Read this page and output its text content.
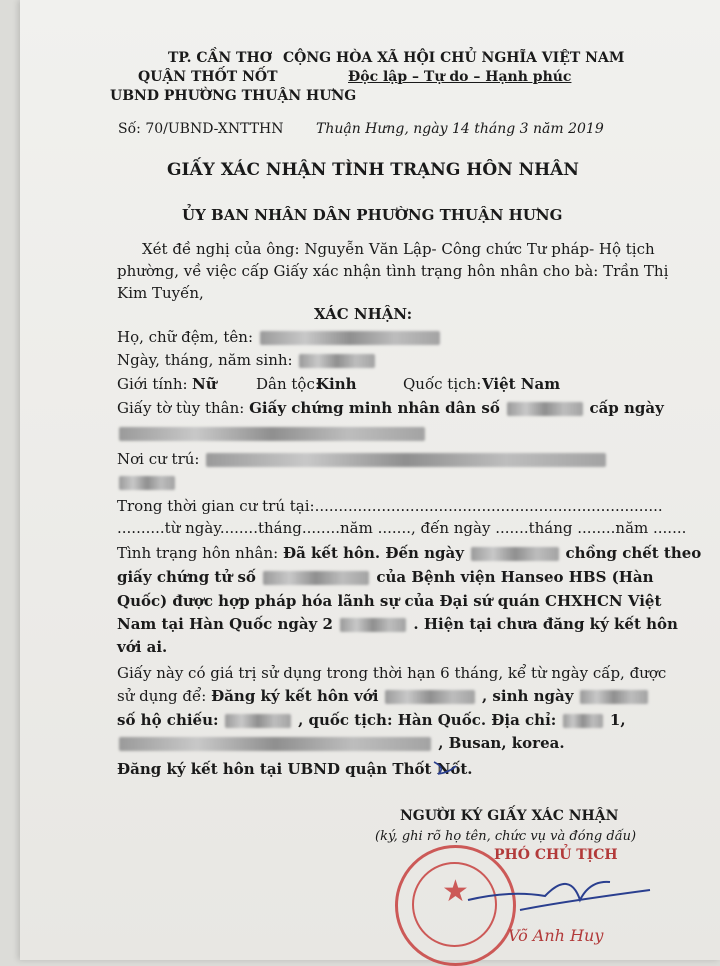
TP. CẦN THƠ
QUẬN THỐT NỐT
UBND PHƯỜNG THUẬN HƯNG
CỘNG HÒA XÃ HỘI CHỦ NGHĨA VIỆT NAM
Độc lập – Tự do – Hạnh phúc
Số: 70/UBND-XNTTHN Thuận Hưng, ngày 14 tháng 3 năm 2019
GIẤY XÁC NHẬN TÌNH TRẠNG HÔN NHÂN
ỦY BAN NHÂN DÂN PHƯỜNG THUẬN HƯNG
Xét đề nghị của ông: Nguyễn Văn Lập- Công chức Tư pháp- Hộ tịch
phường, về việc cấp Giấy xác nhận tình trạng hôn nhân cho bà: Trần Thị
Kim Tuyến,
XÁC NHẬN:
Họ, chữ đệm, tên:
Ngày, tháng, năm sinh:
Giới tính: Nữ	Dân tộc:
Kinh	Quốc tịch: Việt Nam
Giấy tờ tùy thân: Giấy chứng minh nhân dân số	cấp ngày
Nơi cư trú:
Trong thời gian cư trú tại:.........................................................................
..........từ ngày........tháng........năm ......., đến ngày .......tháng ........năm .......
Tình trạng hôn nhân: Đã kết hôn. Đến ngày	chồng chết theo
giấy chứng tử số	của Bệnh viện Hanseo HBS (Hàn
Quốc) được hợp pháp hóa lãnh sự của Đại sứ quán CHXHCN Việt
Nam tại Hàn Quốc ngày 2	. Hiện tại chưa đăng ký kết hôn
với ai.
Giấy này có giá trị sử dụng trong thời hạn 6 tháng, kể từ ngày cấp, được
sử dụng để: Đăng ký kết hôn với	, sinh ngày
số hộ chiếu:	, quốc tịch: Hàn Quốc. Địa chỉ:	1,
, Busan, korea.
Đăng ký kết hôn tại UBND quận Thốt Nốt.
NGƯỜI KÝ GIẤY XÁC NHẬN
(ký, ghi rõ họ tên, chức vụ và đóng dấu)
PHÓ CHỦ TỊCH
★
Võ Anh Huy
